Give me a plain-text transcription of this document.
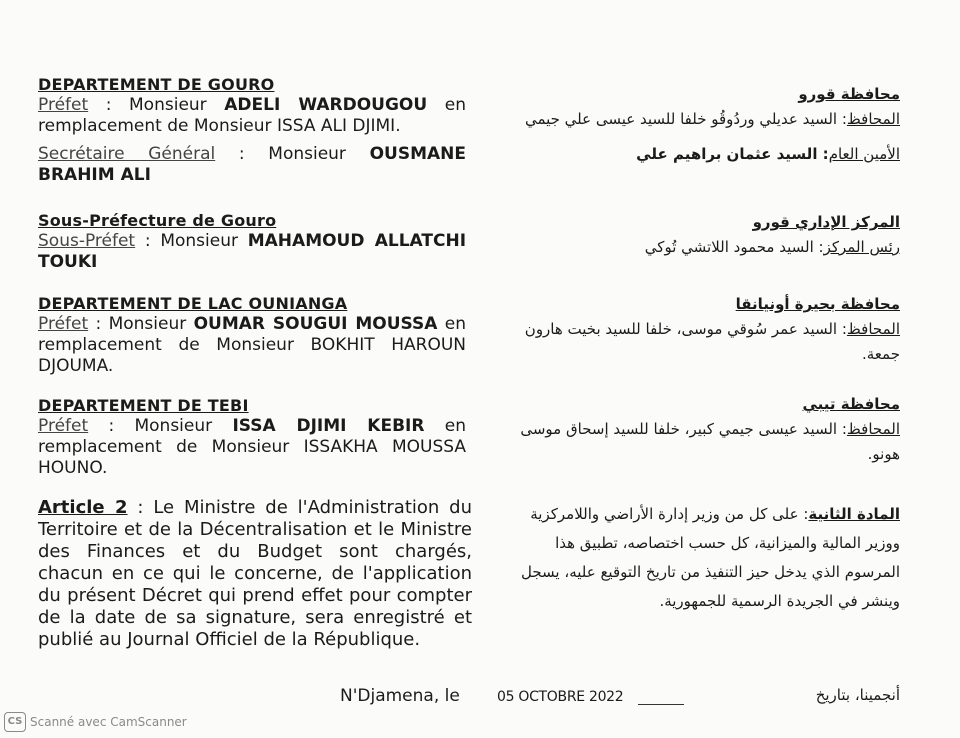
DEPARTEMENT DE GOURO
Préfet : Monsieur ADELI WARDOUGOU en remplacement de Monsieur ISSA ALI DJIMI.
Secrétaire Général : Monsieur OUSMANE BRAHIM ALI
Sous-Préfecture de Gouro
Sous-Préfet : Monsieur MAHAMOUD ALLATCHI TOUKI
DEPARTEMENT DE LAC OUNIANGA
Préfet : Monsieur OUMAR SOUGUI MOUSSA en remplacement de Monsieur BOKHIT HAROUN DJOUMA.
DEPARTEMENT DE TEBI
Préfet : Monsieur ISSA DJIMI KEBIR en remplacement de Monsieur ISSAKHA MOUSSA HOUNO.
Article 2 : Le Ministre de l'Administration du Territoire et de la Décentralisation et le Ministre des Finances et du Budget sont chargés, chacun en ce qui le concerne, de l'application du présent Décret qui prend effet pour compter de la date de sa signature, sera enregistré et publié au Journal Officiel de la République.
محافظة قورو
المحافظ: السيد عديلي وردُوقُو خلفا للسيد عيسى علي جيمي
الأمين العام: السيد عثمان براهيم علي
المركز الإداري قورو
رئس المركز: السيد محمود اللاتشي تُوكي
محافظة بحيرة أونيانقا
المحافظ: السيد عمر سُوقي موسى، خلفا للسيد بخيت هارون جمعة.
محافظة تيبي
المحافظ: السيد عيسى جيمي كبير، خلفا للسيد إسحاق موسى هونو.
المادة الثانية: على كل من وزير إدارة الأراضي واللامركزية ووزير المالية والميزانية، كل حسب اختصاصه، تطبيق هذا المرسوم الذي يدخل حيز التنفيذ من تاريخ التوقيع عليه، يسجل وينشر في الجريدة الرسمية للجمهورية.
N'Djamena, le	05 OCTOBRE 2022	أنجمينا، بتاريخ
CS Scanné avec CamScanner
